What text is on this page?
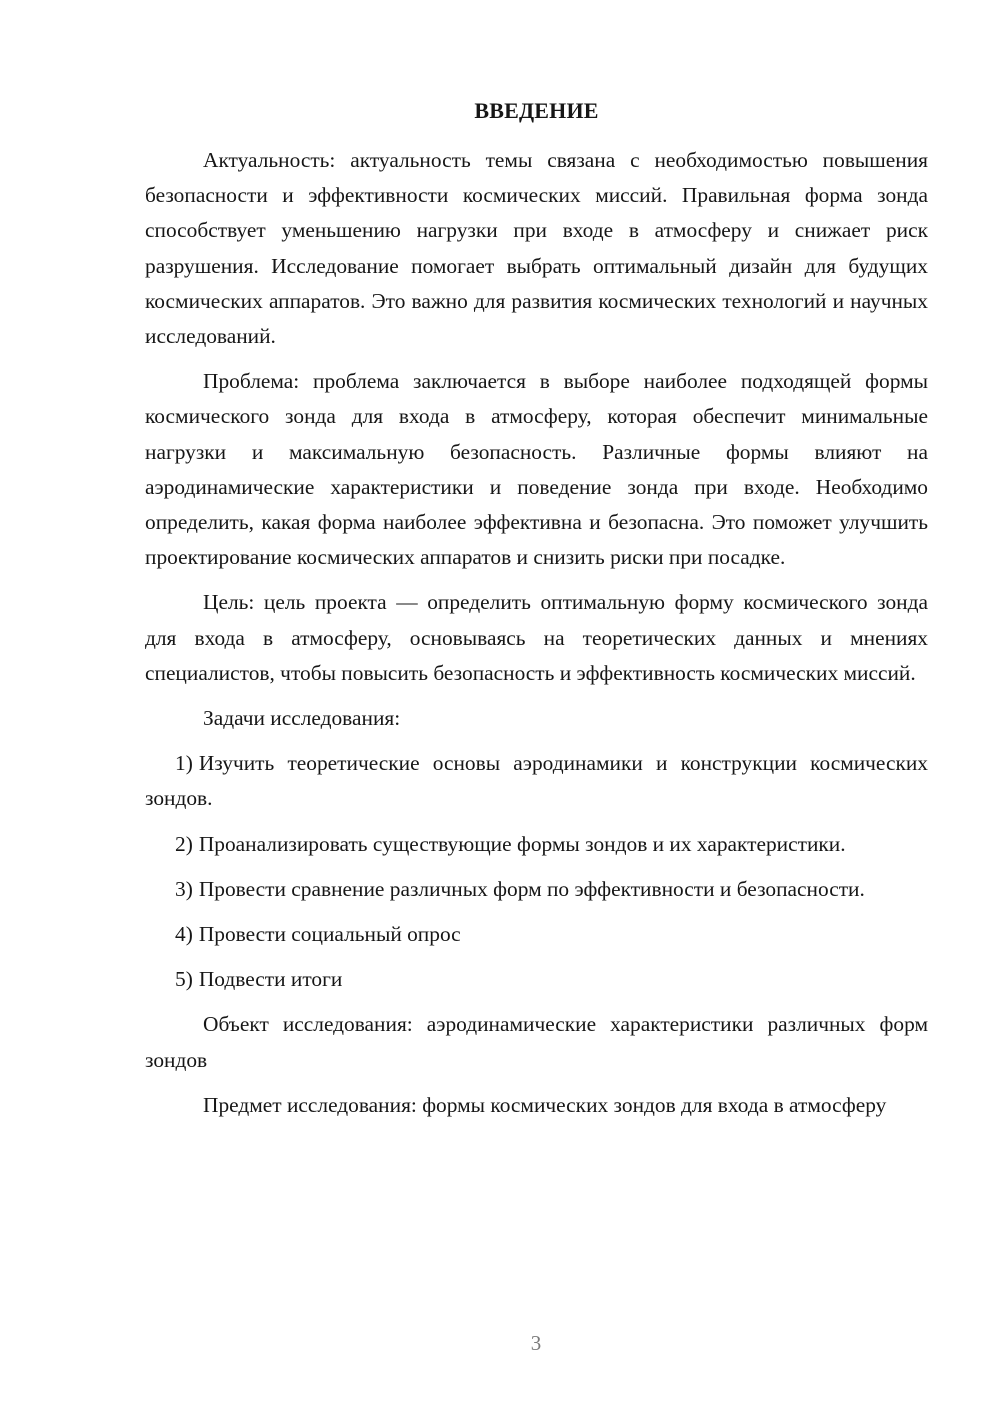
ВВЕДЕНИЕ

Актуальность: актуальность темы связана с необходимостью повышения безопасности и эффективности космических миссий. Правильная форма зонда способствует уменьшению нагрузки при входе в атмосферу и снижает риск разрушения. Исследование помогает выбрать оптимальный дизайн для будущих космических аппаратов. Это важно для развития космических технологий и научных исследований.

Проблема: проблема заключается в выборе наиболее подходящей формы космического зонда для входа в атмосферу, которая обеспечит минимальные нагрузки и максимальную безопасность. Различные формы влияют на аэродинамические характеристики и поведение зонда при входе. Необходимо определить, какая форма наиболее эффективна и безопасна. Это поможет улучшить проектирование космических аппаратов и снизить риски при посадке.

Цель: цель проекта — определить оптимальную форму космического зонда для входа в атмосферу, основываясь на теоретических данных и мнениях специалистов, чтобы повысить безопасность и эффективность космических миссий.

Задачи исследования:

1) Изучить теоретические основы аэродинамики и конструкции космических зондов.

2) Проанализировать существующие формы зондов и их характеристики.

3) Провести сравнение различных форм по эффективности и безопасности.

4) Провести социальный опрос

5) Подвести итоги

Объект исследования: аэродинамические характеристики различных форм зондов

Предмет исследования: формы космических зондов для входа в атмосферу

3
